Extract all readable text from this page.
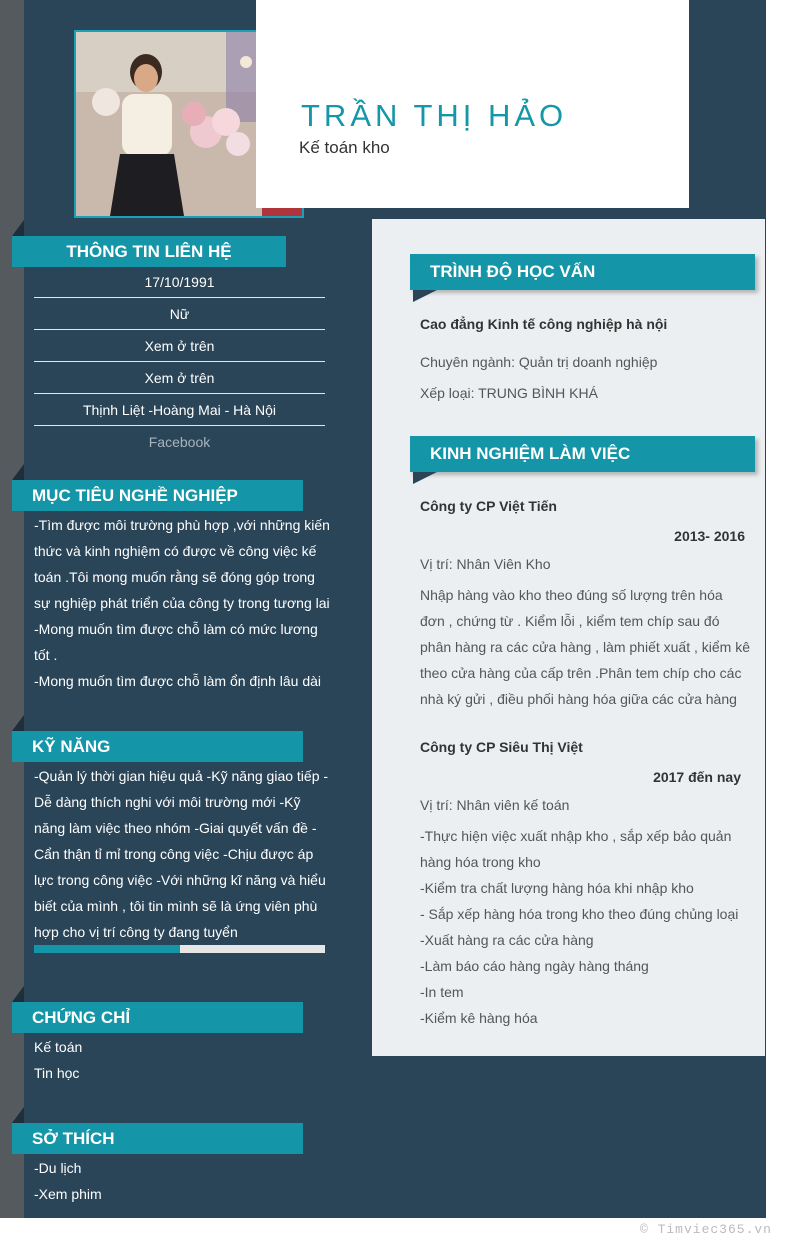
TRẦN THỊ HẢO
Kế toán kho
THÔNG TIN LIÊN HỆ
17/10/1991
Nữ
Xem ở trên
Xem ở trên
Thịnh Liệt -Hoàng Mai - Hà Nội
Facebook
MỤC TIÊU NGHỀ NGHIỆP
-Tìm được môi trường phù hợp ,với những kiến
thức và kinh nghiệm có được về công việc kế
toán .Tôi mong muốn rằng sẽ đóng góp trong
sự nghiệp phát triển của công ty trong tương lai
-Mong muốn tìm được chỗ làm có mức lương
tốt .
-Mong muốn tìm được chỗ làm ổn định lâu dài
KỸ NĂNG
-Quản lý thời gian hiệu quả -Kỹ năng giao tiếp -
Dễ dàng thích nghi với môi trường mới -Kỹ
năng làm việc theo nhóm -Giai quyết vấn đề -
Cẩn thận tỉ mỉ trong công việc -Chịu được áp
lực trong công việc -Với những kĩ năng và hiểu
biết của mình , tôi tin mình sẽ là ứng viên phù
hợp cho vị trí công ty đang tuyển
CHỨNG CHỈ
Kế toán
Tin học
SỞ THÍCH
-Du lịch
-Xem phim
TRÌNH ĐỘ HỌC VẤN
Cao đẳng Kinh tế công nghiệp hà nội
Chuyên ngành: Quản trị doanh nghiệp
Xếp loại: TRUNG BÌNH KHÁ
KINH NGHIỆM LÀM VIỆC
Công ty CP Việt Tiến
2013- 2016
Vị trí: Nhân Viên Kho
Nhập hàng vào kho theo đúng số lượng trên hóa
đơn , chứng từ . Kiểm lỗi , kiểm tem chíp sau đó
phân hàng ra các cửa hàng , làm phiết xuất , kiểm kê
theo cửa hàng của cấp trên .Phân tem chíp cho các
nhà ký gửi , điều phối hàng hóa giữa các cửa hàng
Công ty CP Siêu Thị Việt
2017 đến nay
Vị trí: Nhân viên kế toán
-Thực hiện việc xuất nhập kho , sắp xếp bảo quản
hàng hóa trong kho
-Kiểm tra chất lượng hàng hóa khi nhập kho
- Sắp xếp hàng hóa trong kho theo đúng chủng loại
-Xuất hàng ra các cửa hàng
-Làm báo cáo hàng ngày hàng tháng
-In tem
-Kiểm kê hàng hóa
© Timviec365.vn
